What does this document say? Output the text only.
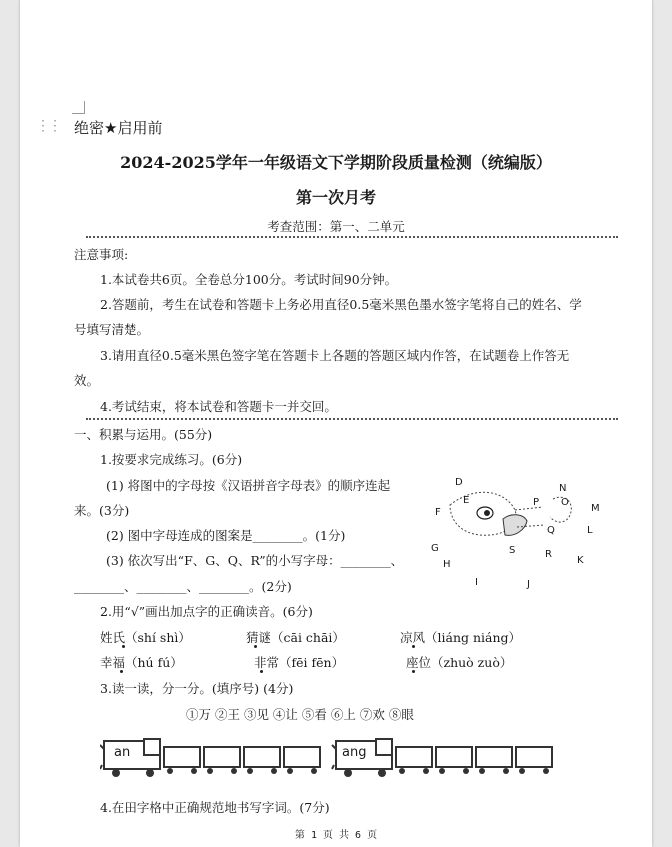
⋮⋮ 绝密★启用前
2024-2025学年一年级语文下学期阶段质量检测（统编版）
第一次月考
考查范围：第一、二单元
注意事项:
1.本试卷共6页。全卷总分100分。考试时间90分钟。
2.答题前，考生在试卷和答题卡上务必用直径0.5毫米黑色墨水签字笔将自己的姓名、学
号填写清楚。
3.请用直径0.5毫米黑色签字笔在答题卡上各题的答题区域内作答，在试题卷上作答无
效。
4.考试结束，将本试卷和答题卡一并交回。
一、积累与运用。(55分)
1.按要求完成练习。(6分)
(1) 将图中的字母按《汉语拼音字母表》的顺序连起
来。(3分)
(2) 图中字母连成的图案是________。(1分)
(3) 依次写出“F、G、Q、R”的小写字母：________、
________、________、________。(2分)
D
E
F
G
H
I	J
K
L
M
N
O
P
Q
R
S
2.用“√”画出加点字的正确读音。(6分)
姓氏（shí shì）	猜谜（cāi chāi）	凉风（liáng niáng）
幸福（hú fú）	非常（fēi fēn）	座位（zhuò zuò）
3.读一读，分一分。(填序号) (4分)
①万 ②王 ③见 ④让 ⑤看 ⑥上 ⑦欢 ⑧眼
an	ang
4.在田字格中正确规范地书写字词。(7分)
第 1 页 共 6 页
